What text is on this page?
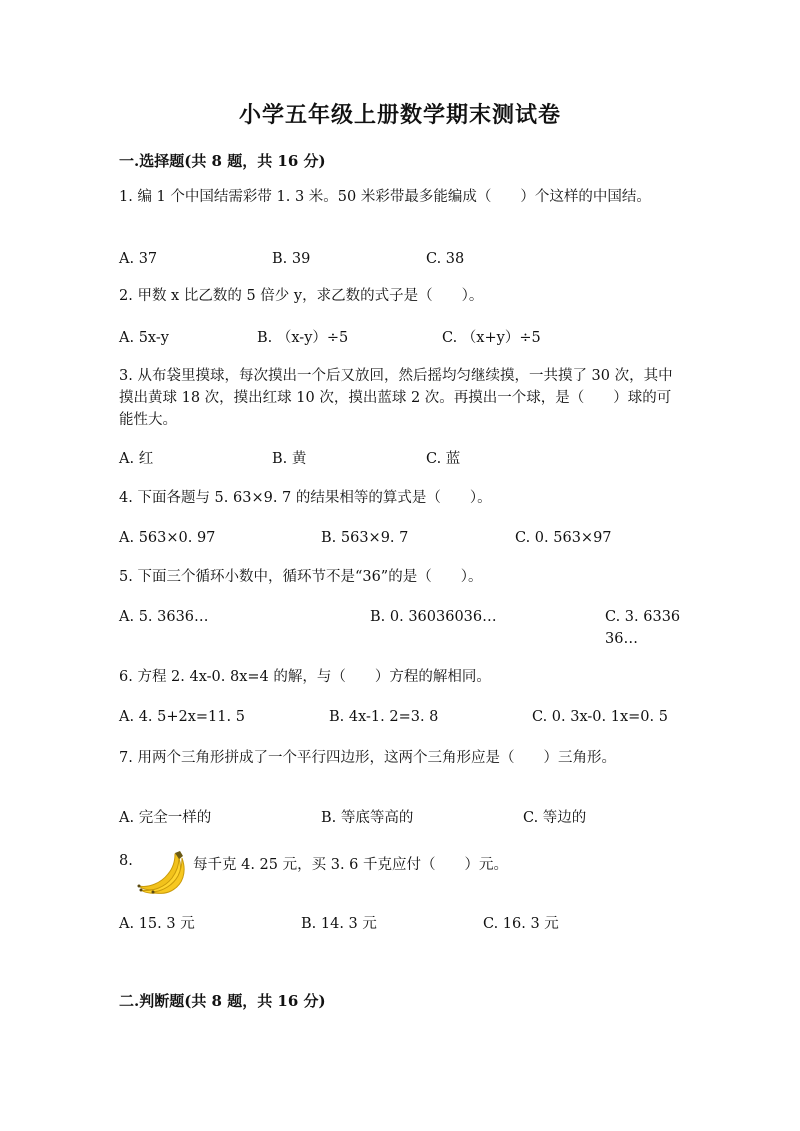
小学五年级上册数学期末测试卷
一.选择题(共 8 题，共 16 分)
1. 编 1 个中国结需彩带 1. 3 米。50 米彩带最多能编成（　　）个这样的中国结。
A. 37	B. 39	C. 38
2. 甲数 x 比乙数的 5 倍少 y，求乙数的式子是（　　）。
A. 5x-y	B. （x-y）÷5	C. （x+y）÷5
3. 从布袋里摸球，每次摸出一个后又放回，然后摇均匀继续摸，一共摸了 30 次，其中摸出黄球 18 次，摸出红球 10 次，摸出蓝球 2 次。再摸出一个球，是（　　）球的可能性大。
A. 红	B. 黄	C. 蓝
4. 下面各题与 5. 63×9. 7 的结果相等的算式是（　　）。
A. 563×0. 97	B. 563×9. 7	C. 0. 563×97
5. 下面三个循环小数中，循环节不是“36”的是（　　）。
A. 5. 3636…	B. 0. 36036036…	C. 3. 633636…
6. 方程 2. 4x-0. 8x=4 的解，与（　　）方程的解相同。
A. 4. 5+2x=11. 5	B. 4x-1. 2=3. 8	C. 0. 3x-0. 1x=0. 5
7. 用两个三角形拼成了一个平行四边形，这两个三角形应是（　　）三角形。
A. 完全一样的	B. 等底等高的	C. 等边的
8.	每千克 4. 25 元，买 3. 6 千克应付（　　）元。
A. 15. 3 元	B. 14. 3 元	C. 16. 3 元
二.判断题(共 8 题，共 16 分)
